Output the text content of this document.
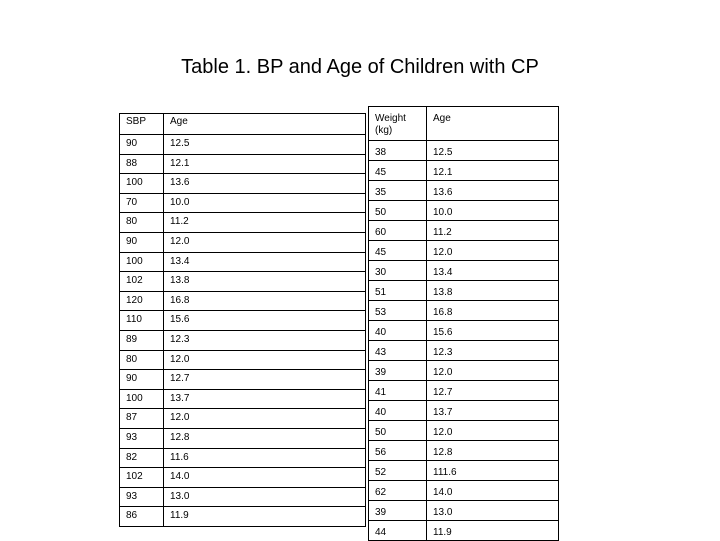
Table 1. BP and Age of Children with CP
SBP	Age
90	12.5
88	12.1
100	13.6
70	10.0
80	11.2
90	12.0
100	13.4
102	13.8
120	16.8
110	15.6
89	12.3
80	12.0
90	12.7
100	13.7
87	12.0
93	12.8
82	11.6
102	14.0
93	13.0
86	11.9
Weight (kg)	Age
38	12.5
45	12.1
35	13.6
50	10.0
60	11.2
45	12.0
30	13.4
51	13.8
53	16.8
40	15.6
43	12.3
39	12.0
41	12.7
40	13.7
50	12.0
56	12.8
52	111.6
62	14.0
39	13.0
44	11.9
